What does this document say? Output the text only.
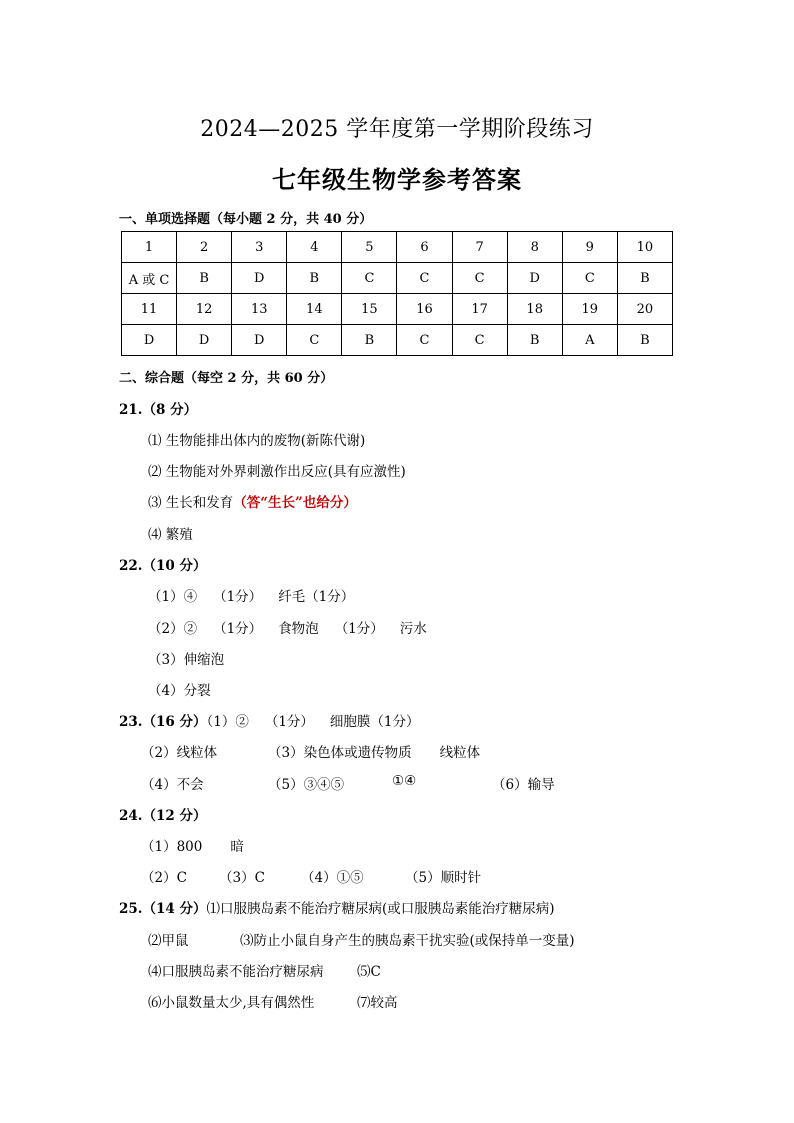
2024—2025 学年度第一学期阶段练习
七年级生物学参考答案
一、单项选择题（每小题 2 分，共 40 分）
1	2	3	4	5	6	7	8	9	10
A 或 C	B	D	B	C	C	C	D	C	B
11	12	13	14	15	16	17	18	19	20
D	D	D	C	B	C	C	B	A	B
二、综合题（每空 2 分，共 60 分）
21.（8 分）
⑴ 生物能排出体内的废物(新陈代谢)
⑵ 生物能对外界刺激作出反应(具有应激性)
⑶ 生长和发育（答“生长”也给分）
⑷ 繁殖
22.（10 分）
（1）④ （1分） 纤毛（1分）
（2）② （1分） 食物泡 （1分） 污水
（3）伸缩泡
（4）分裂
23.（16 分）（1）② （1分） 细胞膜（1分）
（2）线粒体	（3）染色体或遗传物质 线粒体
（4）不会	（5）③④⑤	①④	（6）输导
24.（12 分）
（1）800 暗
（2）C （3）C	（4）①⑤	（5）顺时针
25.（14 分）⑴口服胰岛素不能治疗糖尿病(或口服胰岛素能治疗糖尿病)
⑵甲鼠	⑶防止小鼠自身产生的胰岛素干扰实验(或保持单一变量)
⑷口服胰岛素不能治疗糖尿病 ⑸C
⑹小鼠数量太少,具有偶然性	⑺较高
